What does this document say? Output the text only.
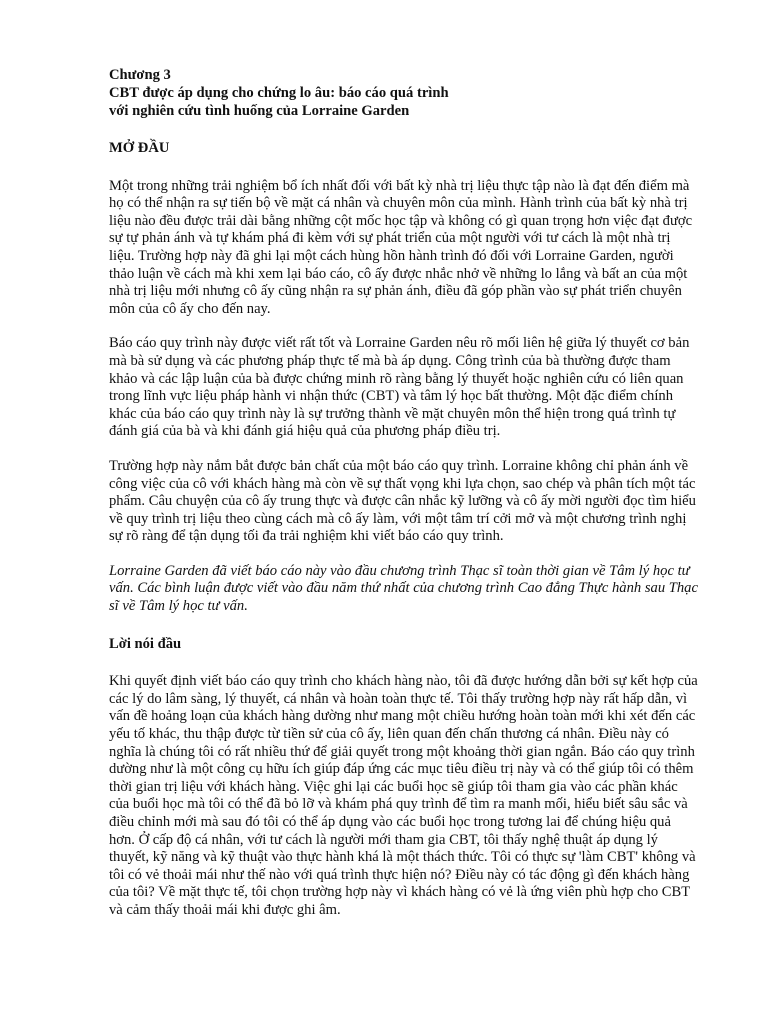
Chương 3
CBT được áp dụng cho chứng lo âu: báo cáo quá trình
với nghiên cứu tình huống của Lorraine Garden
MỞ ĐẦU

Một trong những trải nghiệm bổ ích nhất đối với bất kỳ nhà trị liệu thực tập nào là đạt đến điểm mà họ có thể nhận ra sự tiến bộ về mặt cá nhân và chuyên môn của mình. Hành trình của bất kỳ nhà trị liệu nào đều được trải dài bằng những cột mốc học tập và không có gì quan trọng hơn việc đạt được sự tự phản ánh và tự khám phá đi kèm với sự phát triển của một người với tư cách là một nhà trị liệu. Trường hợp này đã ghi lại một cách hùng hồn hành trình đó đối với Lorraine Garden, người thảo luận về cách mà khi xem lại báo cáo, cô ấy được nhắc nhở về những lo lắng và bất an của một nhà trị liệu mới nhưng cô ấy cũng nhận ra sự phản ánh, điều đã góp phần vào sự phát triển chuyên môn của cô ấy cho đến nay.

Báo cáo quy trình này được viết rất tốt và Lorraine Garden nêu rõ mối liên hệ giữa lý thuyết cơ bản mà bà sử dụng và các phương pháp thực tế mà bà áp dụng. Công trình của bà thường được tham khảo và các lập luận của bà được chứng minh rõ ràng bằng lý thuyết hoặc nghiên cứu có liên quan trong lĩnh vực liệu pháp hành vi nhận thức (CBT) và tâm lý học bất thường. Một đặc điểm chính khác của báo cáo quy trình này là sự trưởng thành về mặt chuyên môn thể hiện trong quá trình tự đánh giá của bà và khi đánh giá hiệu quả của phương pháp điều trị.

Trường hợp này nắm bắt được bản chất của một báo cáo quy trình. Lorraine không chỉ phản ánh về công việc của cô với khách hàng mà còn về sự thất vọng khi lựa chọn, sao chép và phân tích một tác phẩm. Câu chuyện của cô ấy trung thực và được cân nhắc kỹ lưỡng và cô ấy mời người đọc tìm hiểu về quy trình trị liệu theo cùng cách mà cô ấy làm, với một tâm trí cởi mở và một chương trình nghị sự rõ ràng để tận dụng tối đa trải nghiệm khi viết báo cáo quy trình.

Lorraine Garden đã viết báo cáo này vào đầu chương trình Thạc sĩ toàn thời gian về Tâm lý học tư vấn. Các bình luận được viết vào đầu năm thứ nhất của chương trình Cao đẳng Thực hành sau Thạc sĩ về Tâm lý học tư vấn.

Lời nói đầu

Khi quyết định viết báo cáo quy trình cho khách hàng nào, tôi đã được hướng dẫn bởi sự kết hợp của các lý do lâm sàng, lý thuyết, cá nhân và hoàn toàn thực tế. Tôi thấy trường hợp này rất hấp dẫn, vì vấn đề hoảng loạn của khách hàng dường như mang một chiều hướng hoàn toàn mới khi xét đến các yếu tố khác, thu thập được từ tiền sử của cô ấy, liên quan đến chấn thương cá nhân. Điều này có nghĩa là chúng tôi có rất nhiều thứ để giải quyết trong một khoảng thời gian ngắn. Báo cáo quy trình dường như là một công cụ hữu ích giúp đáp ứng các mục tiêu điều trị này và có thể giúp tôi có thêm thời gian trị liệu với khách hàng. Việc ghi lại các buổi học sẽ giúp tôi tham gia vào các phần khác của buổi học mà tôi có thể đã bỏ lỡ và khám phá quy trình để tìm ra manh mối, hiểu biết sâu sắc và điều chỉnh mới mà sau đó tôi có thể áp dụng vào các buổi học trong tương lai để chúng hiệu quả hơn. Ở cấp độ cá nhân, với tư cách là người mới tham gia CBT, tôi thấy nghệ thuật áp dụng lý thuyết, kỹ năng và kỹ thuật vào thực hành khá là một thách thức. Tôi có thực sự 'làm CBT' không và tôi có vẻ thoải mái như thế nào với quá trình thực hiện nó? Điều này có tác động gì đến khách hàng của tôi? Về mặt thực tế, tôi chọn trường hợp này vì khách hàng có vẻ là ứng viên phù hợp cho CBT và cảm thấy thoải mái khi được ghi âm.
